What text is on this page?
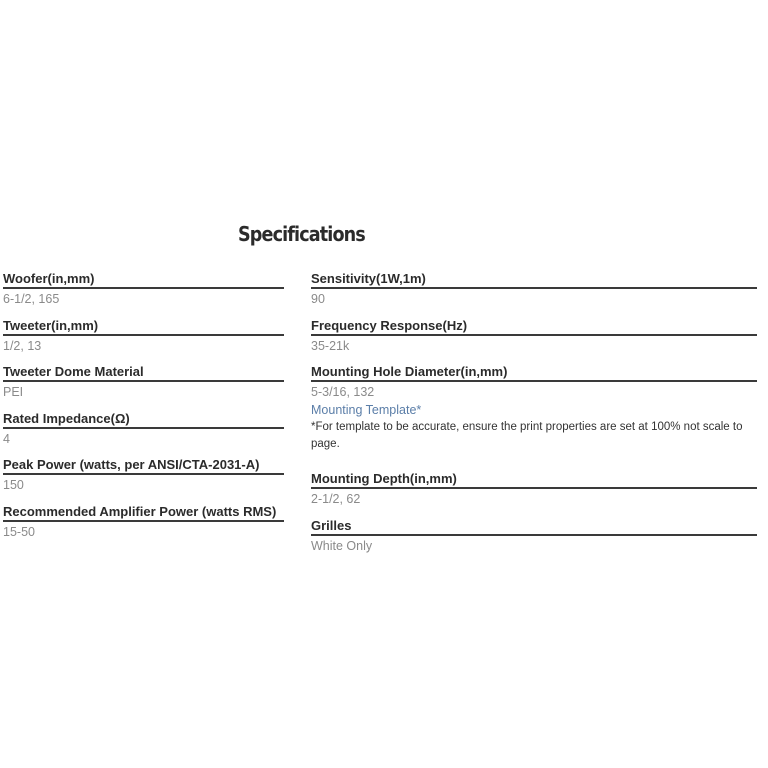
Specifications
Woofer(in,mm)
6-1/2, 165
Tweeter(in,mm)
1/2, 13
Tweeter Dome Material
PEI
Rated Impedance(Ω)
4
Peak Power (watts, per ANSI/CTA-2031-A)
150
Recommended Amplifier Power (watts RMS)
15-50
Sensitivity(1W,1m)
90
Frequency Response(Hz)
35-21k
Mounting Hole Diameter(in,mm)
5-3/16, 132
Mounting Template*
*For template to be accurate, ensure the print properties are set at 100% not scale to page.
Mounting Depth(in,mm)
2-1/2, 62
Grilles
White Only
